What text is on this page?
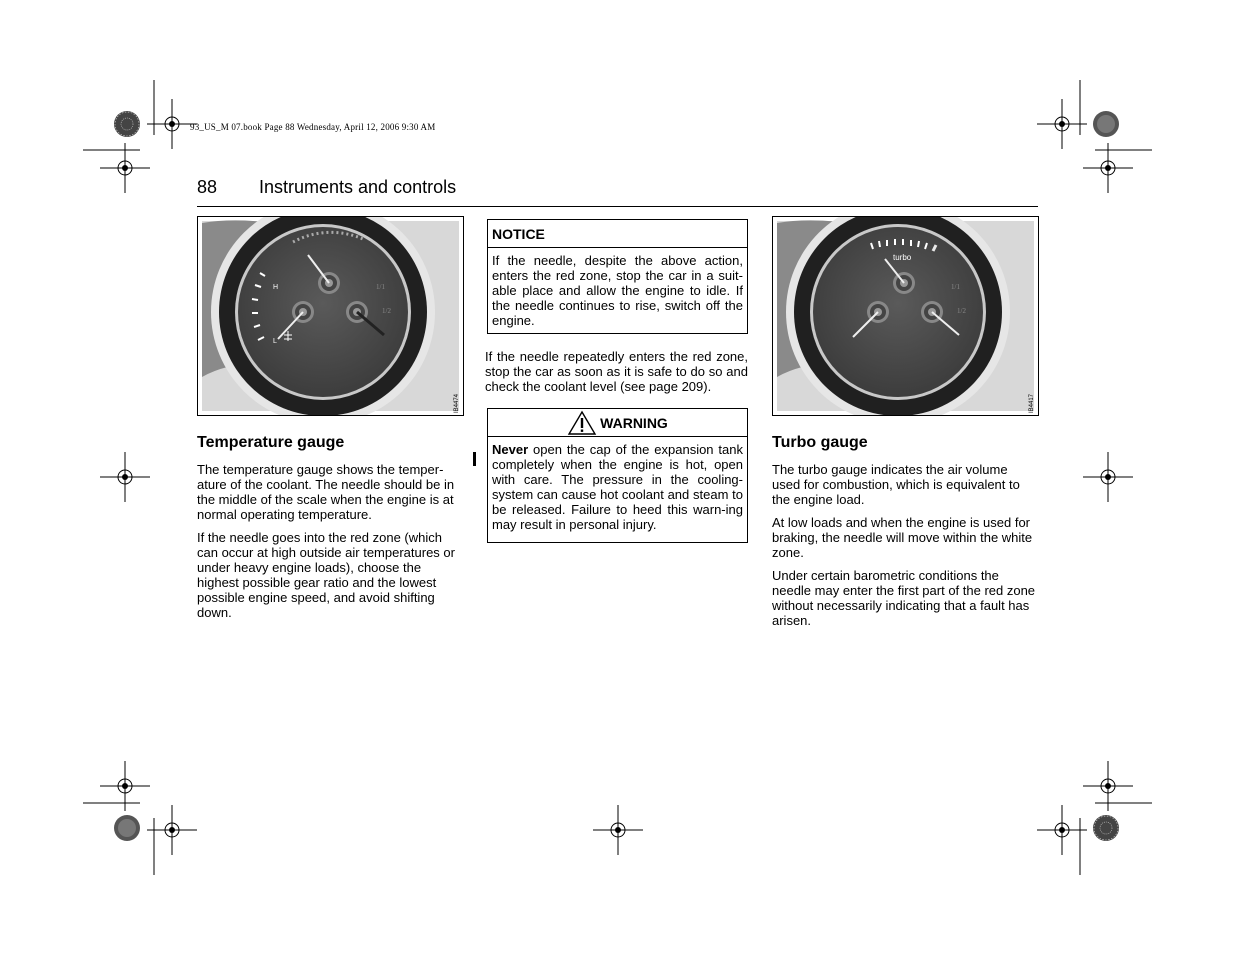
93_US_M 07.book Page 88 Wednesday, April 12, 2006 9:30 AM
88 Instruments and controls
H
L
1/1
1/2
IB4474
turbo
1/1
1/2
IB4417
Temperature gauge

The temperature gauge shows the temper-ature of the coolant. The needle should be in the middle of the scale when the engine is at normal operating temperature.

If the needle goes into the red zone (which can occur at high outside air temperatures or under heavy engine loads), choose the highest possible gear ratio and the lowest possible engine speed, and avoid shifting down.

NOTICE
If the needle, despite the above action, enters the red zone, stop the car in a suit-able place and allow the engine to idle. If the needle continues to rise, switch off the engine.

If the needle repeatedly enters the red zone, stop the car as soon as it is safe to do so and check the coolant level (see page 209).

WARNING
Never open the cap of the expansion tank completely when the engine is hot, open with care. The pressure in the cooling-system can cause hot coolant and steam to be released. Failure to heed this warn-ing may result in personal injury.
Turbo gauge

The turbo gauge indicates the air volume used for combustion, which is equivalent to the engine load.

At low loads and when the engine is used for braking, the needle will move within the white zone.

Under certain barometric conditions the needle may enter the first part of the red zone without necessarily indicating that a fault has arisen.
